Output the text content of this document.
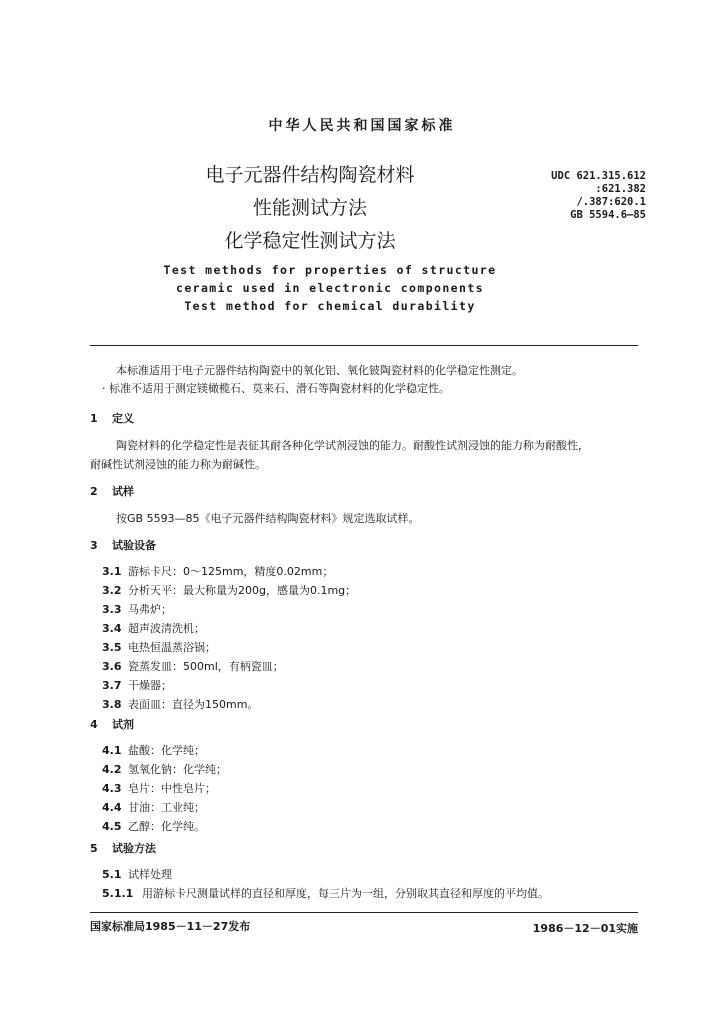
中华人民共和国国家标准
电子元器件结构陶瓷材料
性能测试方法
化学稳定性测试方法
UDC 621.315.612
:621.382
/.387:620.1
GB 5594.6—85
Test methods for properties of structure
ceramic used in electronic components
Test method for chemical durability
本标准适用于电子元器件结构陶瓷中的氧化铝、氧化铍陶瓷材料的化学稳定性测定。
· 标准不适用于测定镁橄榄石、莫来石、滑石等陶瓷材料的化学稳定性。
1 定义
陶瓷材料的化学稳定性是表征其耐各种化学试剂浸蚀的能力。耐酸性试剂浸蚀的能力称为耐酸性，
耐碱性试剂浸蚀的能力称为耐碱性。
2 试样
按GB 5593—85《电子元器件结构陶瓷材料》规定选取试样。
3 试验设备
3.1 游标卡尺：0～125mm，精度0.02mm；
3.2 分析天平：最大称量为200g，感量为0.1mg；
3.3 马弗炉；
3.4 超声波清洗机；
3.5 电热恒温蒸浴锅；
3.6 瓷蒸发皿：500ml，有柄瓷皿；
3.7 干燥器；
3.8 表面皿：直径为150mm。
4 试剂
4.1 盐酸：化学纯；
4.2 氢氧化钠：化学纯；
4.3 皂片：中性皂片；
4.4 甘油：工业纯；
4.5 乙醇：化学纯。
5 试验方法
5.1 试样处理
5.1.1 用游标卡尺测量试样的直径和厚度，每三片为一组，分别取其直径和厚度的平均值。
国家标准局1985－11－27发布	1986－12－01实施
